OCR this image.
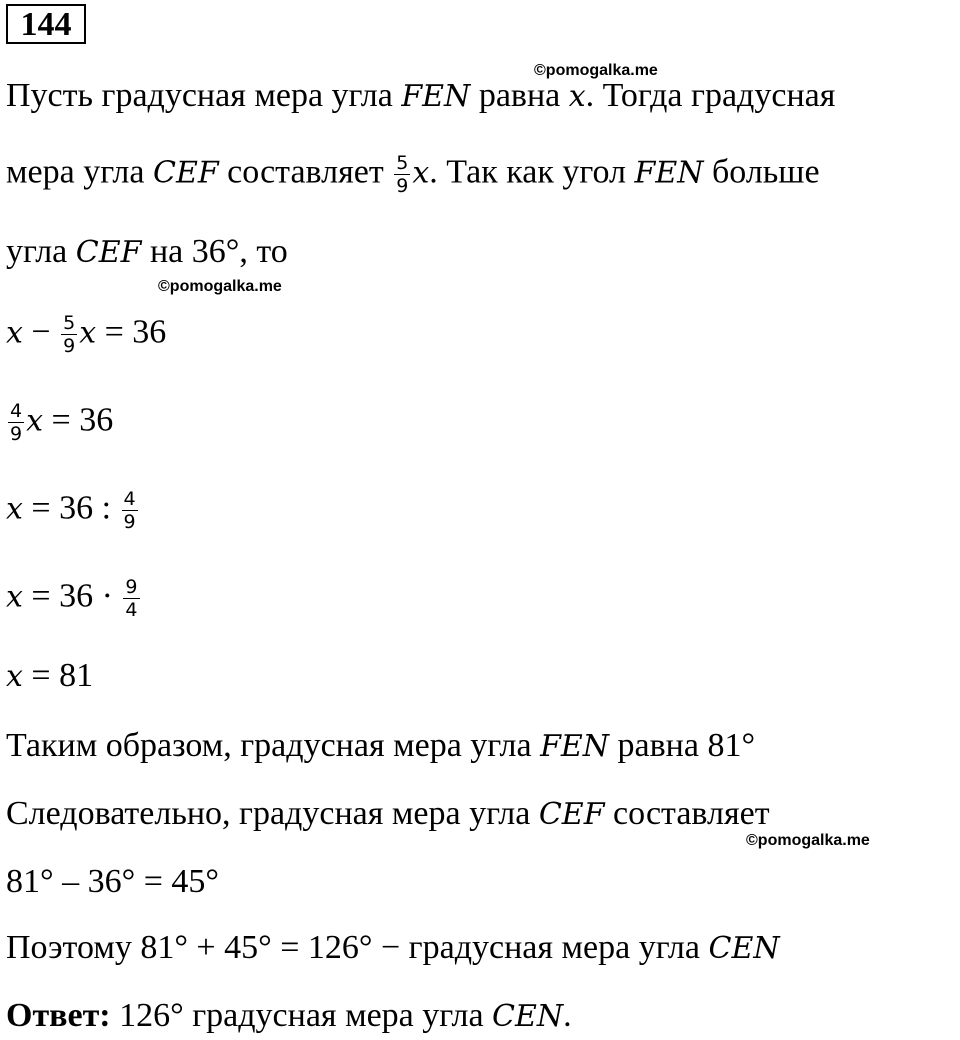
144
©pomogalka.me
Пусть градусная мера угла FEN равна x. Тогда градусная
мера угла CEF составляет $\frac{5}{9} x$. Так как угол FEN больше
угла CEF на 36°, то
©pomogalka.me
$x - \frac{5}{9}$ x = 36
$\frac{4}{9}$ x = 36
x = 36 : $\frac{4}{9}$
$x = 36 \cdot \frac{9}{4}$
x = 81
Таким образом, градусная мера угла FEN равна 81°
Следовательно, градусная мера угла CEF составляет
©pomogalka.me
81° – 36° = 45°
Поэтому 81° + 45° = 126° − градусная мера угла CEN
Ответ: 126° градусная мера угла CEN.
